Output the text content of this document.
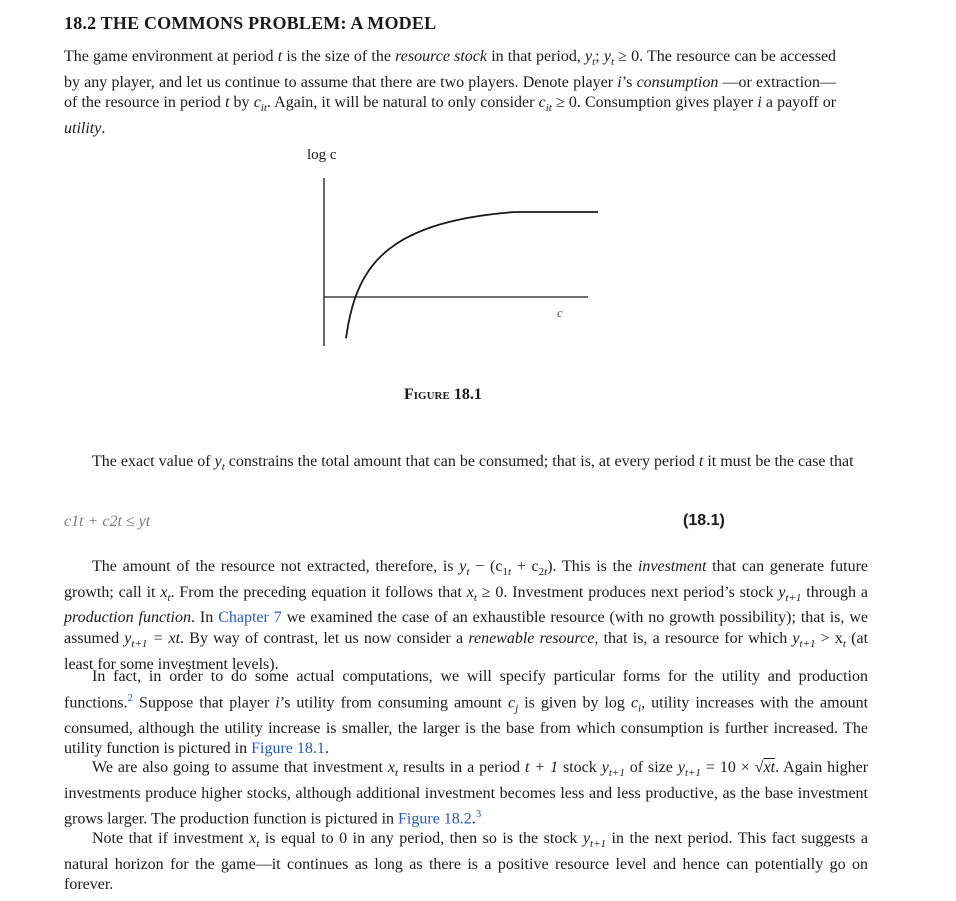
18.2 THE COMMONS PROBLEM: A MODEL

The game environment at period t is the size of the resource stock in that period, $y_t$; $y_t \ge 0$. The resource can be accessed by any player, and let us continue to assume that there are two players. Denote player i’s consumption —or extraction—of the resource in period t by $c_{it}$. Again, it will be natural to only consider $c_{it} \ge 0$. Consumption gives player i a payoff or utility.

log c
c
Figure 18.1

The exact value of $y_t$ constrains the total amount that can be consumed; that is, at every period t it must be the case that

c1t + c2t ≤ yt	(18.1)

The amount of the resource not extracted, therefore, is $y_t - (c_{1t} + c_{2t})$. This is the investment that can generate future growth; call it $x_t$. From the preceding equation it follows that $x_t \ge 0$. Investment produces next period’s stock $y_{t+1}$ through a production function. In Chapter 7 we examined the case of an exhaustible resource (with no growth possibility); that is, we assumed $y_{t+1}$ = xt. By way of contrast, let us now consider a renewable resource, that is, a resource for which $y_{t+1} > x_t$ (at least for some investment levels).

In fact, in order to do some actual computations, we will specify particular forms for the utility and production functions.$^2$ Suppose that player i’s utility from consuming amount $c_j$ is given by $\log c_i$, utility increases with the amount consumed, although the utility increase is smaller, the larger is the base from which consumption is further increased. The utility function is pictured in Figure 18.1.

We are also going to assume that investment $x_t$ results in a period t + 1 stock $y_{t+1}$ of size $y_{t+1} = 10 \times √xt$. Again higher investments produce higher stocks, although additional investment becomes less and less productive, as the base investment grows larger. The production function is pictured in Figure 18.2.$^3$

Note that if investment $x_t$ is equal to 0 in any period, then so is the stock $y_{t+1}$ in the next period. This fact suggests a natural horizon for the game—it continues as long as there is a positive resource level and hence can potentially go on forever.
